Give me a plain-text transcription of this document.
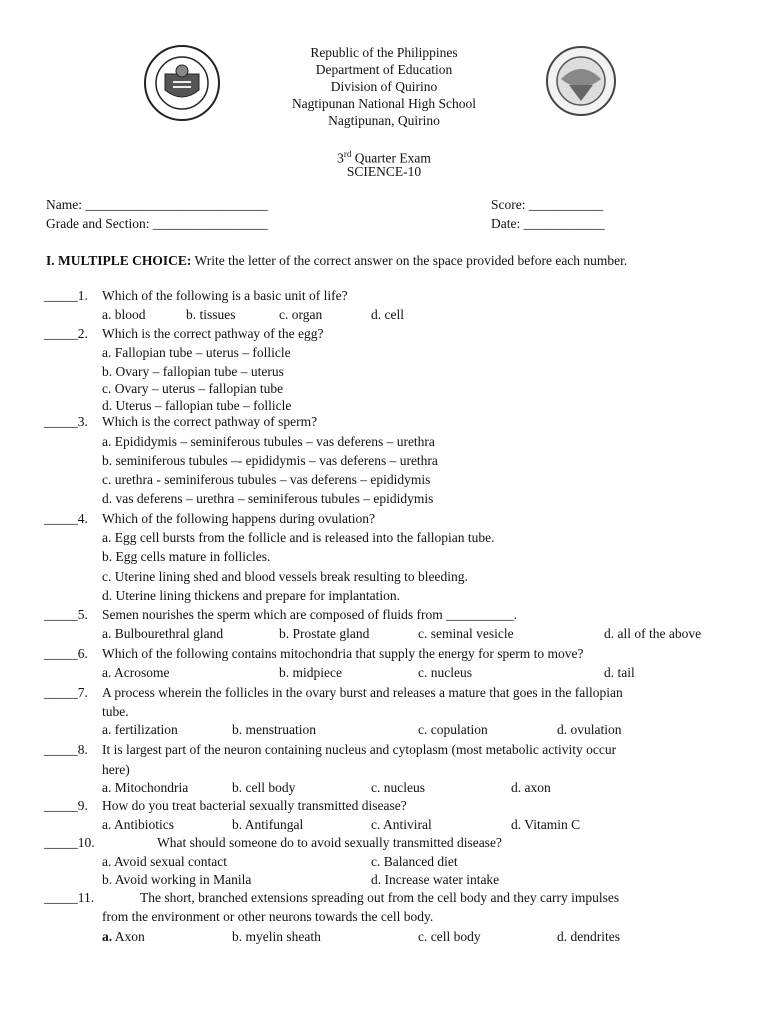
Republic of the Philippines
Department of Education
Division of Quirino
Nagtipunan National High School
Nagtipunan, Quirino
3rd Quarter Exam
SCIENCE-10
Name: ___________________________
Grade and Section: _________________
Score: ___________
Date: ____________
I. MULTIPLE CHOICE: Write the letter of the correct answer on the space provided before each number.
_____1. Which of the following is a basic unit of life?
a. blood	b. tissues	c. organ	d. cell
_____2. Which is the correct pathway of the egg?
a. Fallopian tube – uterus – follicle
b. Ovary – fallopian tube – uterus
c. Ovary – uterus – fallopian tube
d. Uterus – fallopian tube – follicle
_____3. Which is the correct pathway of sperm?
a. Epididymis – seminiferous tubules – vas deferens – urethra
b. seminiferous tubules –- epididymis – vas deferens – urethra
c. urethra - seminiferous tubules – vas deferens – epididymis
d. vas deferens – urethra – seminiferous tubules – epididymis
_____4. Which of the following happens during ovulation?
a. Egg cell bursts from the follicle and is released into the fallopian tube.
b. Egg cells mature in follicles.
c. Uterine lining shed and blood vessels break resulting to bleeding.
d. Uterine lining thickens and prepare for implantation.
_____5. Semen nourishes the sperm which are composed of fluids from __________.
a. Bulbourethral gland	b. Prostate gland	c. seminal vesicle	d. all of the above
_____6. Which of the following contains mitochondria that supply the energy for sperm to move?
a. Acrosome	b. midpiece	c. nucleus	d. tail
_____7. A process wherein the follicles in the ovary burst and releases a mature that goes in the fallopian
tube.
a. fertilization	b. menstruation	c. copulation	d. ovulation
_____8. It is largest part of the neuron containing nucleus and cytoplasm (most metabolic activity occur
here)
a. Mitochondria	b. cell body	c. nucleus	d. axon
_____9. How do you treat bacterial sexually transmitted disease?
a. Antibiotics	b. Antifungal	c. Antiviral	d. Vitamin C
_____10.	What should someone do to avoid sexually transmitted disease?
a. Avoid sexual contact	c. Balanced diet
b. Avoid working in Manila	d. Increase water intake
_____11.	The short, branched extensions spreading out from the cell body and they carry impulses
from the environment or other neurons towards the cell body.
a. Axon	b. myelin sheath	c. cell body	d. dendrites
